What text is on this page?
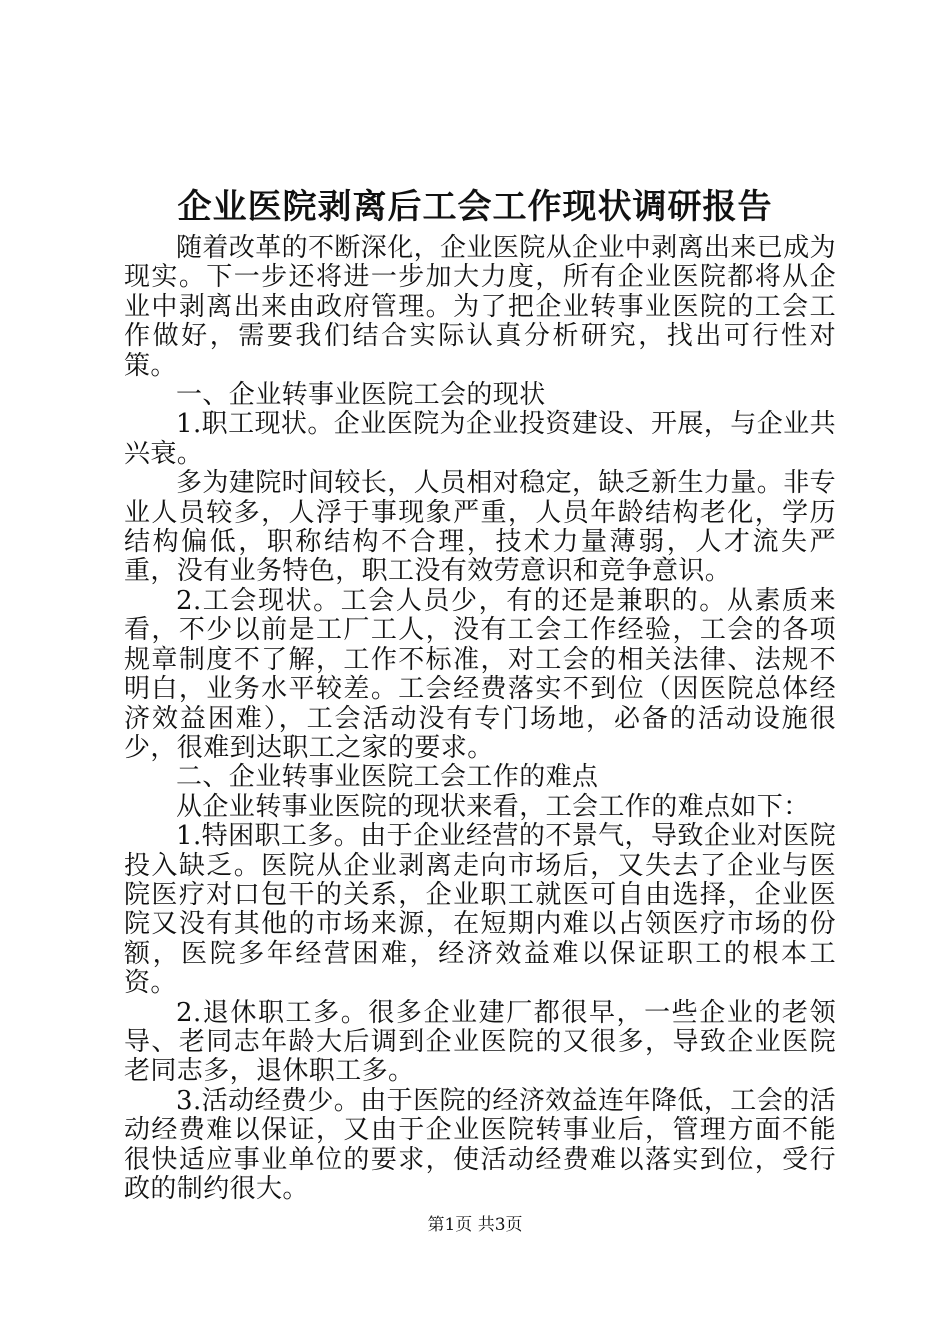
企业医院剥离后工会工作现状调研报告

随着改革的不断深化，企业医院从企业中剥离出来已成为现实。下一步还将进一步加大力度，所有企业医院都将从企业中剥离出来由政府管理。为了把企业转事业医院的工会工作做好，需要我们结合实际认真分析研究，找出可行性对策。

一、企业转事业医院工会的现状

1.职工现状。企业医院为企业投资建设、开展，与企业共兴衰。

多为建院时间较长，人员相对稳定，缺乏新生力量。非专业人员较多，人浮于事现象严重，人员年龄结构老化，学历结构偏低，职称结构不合理，技术力量薄弱，人才流失严重，没有业务特色，职工没有效劳意识和竞争意识。

2.工会现状。工会人员少，有的还是兼职的。从素质来看，不少以前是工厂工人，没有工会工作经验，工会的各项规章制度不了解，工作不标准，对工会的相关法律、法规不明白，业务水平较差。工会经费落实不到位（因医院总体经济效益困难），工会活动没有专门场地，必备的活动设施很少，很难到达职工之家的要求。

二、企业转事业医院工会工作的难点

从企业转事业医院的现状来看，工会工作的难点如下：

1.特困职工多。由于企业经营的不景气，导致企业对医院投入缺乏。医院从企业剥离走向市场后，又失去了企业与医院医疗对口包干的关系，企业职工就医可自由选择，企业医院又没有其他的市场来源，在短期内难以占领医疗市场的份额，医院多年经营困难，经济效益难以保证职工的根本工资。

2.退休职工多。很多企业建厂都很早，一些企业的老领导、老同志年龄大后调到企业医院的又很多，导致企业医院老同志多，退休职工多。

3.活动经费少。由于医院的经济效益连年降低，工会的活动经费难以保证，又由于企业医院转事业后，管理方面不能很快适应事业单位的要求，使活动经费难以落实到位，受行政的制约很大。

第1页 共3页
